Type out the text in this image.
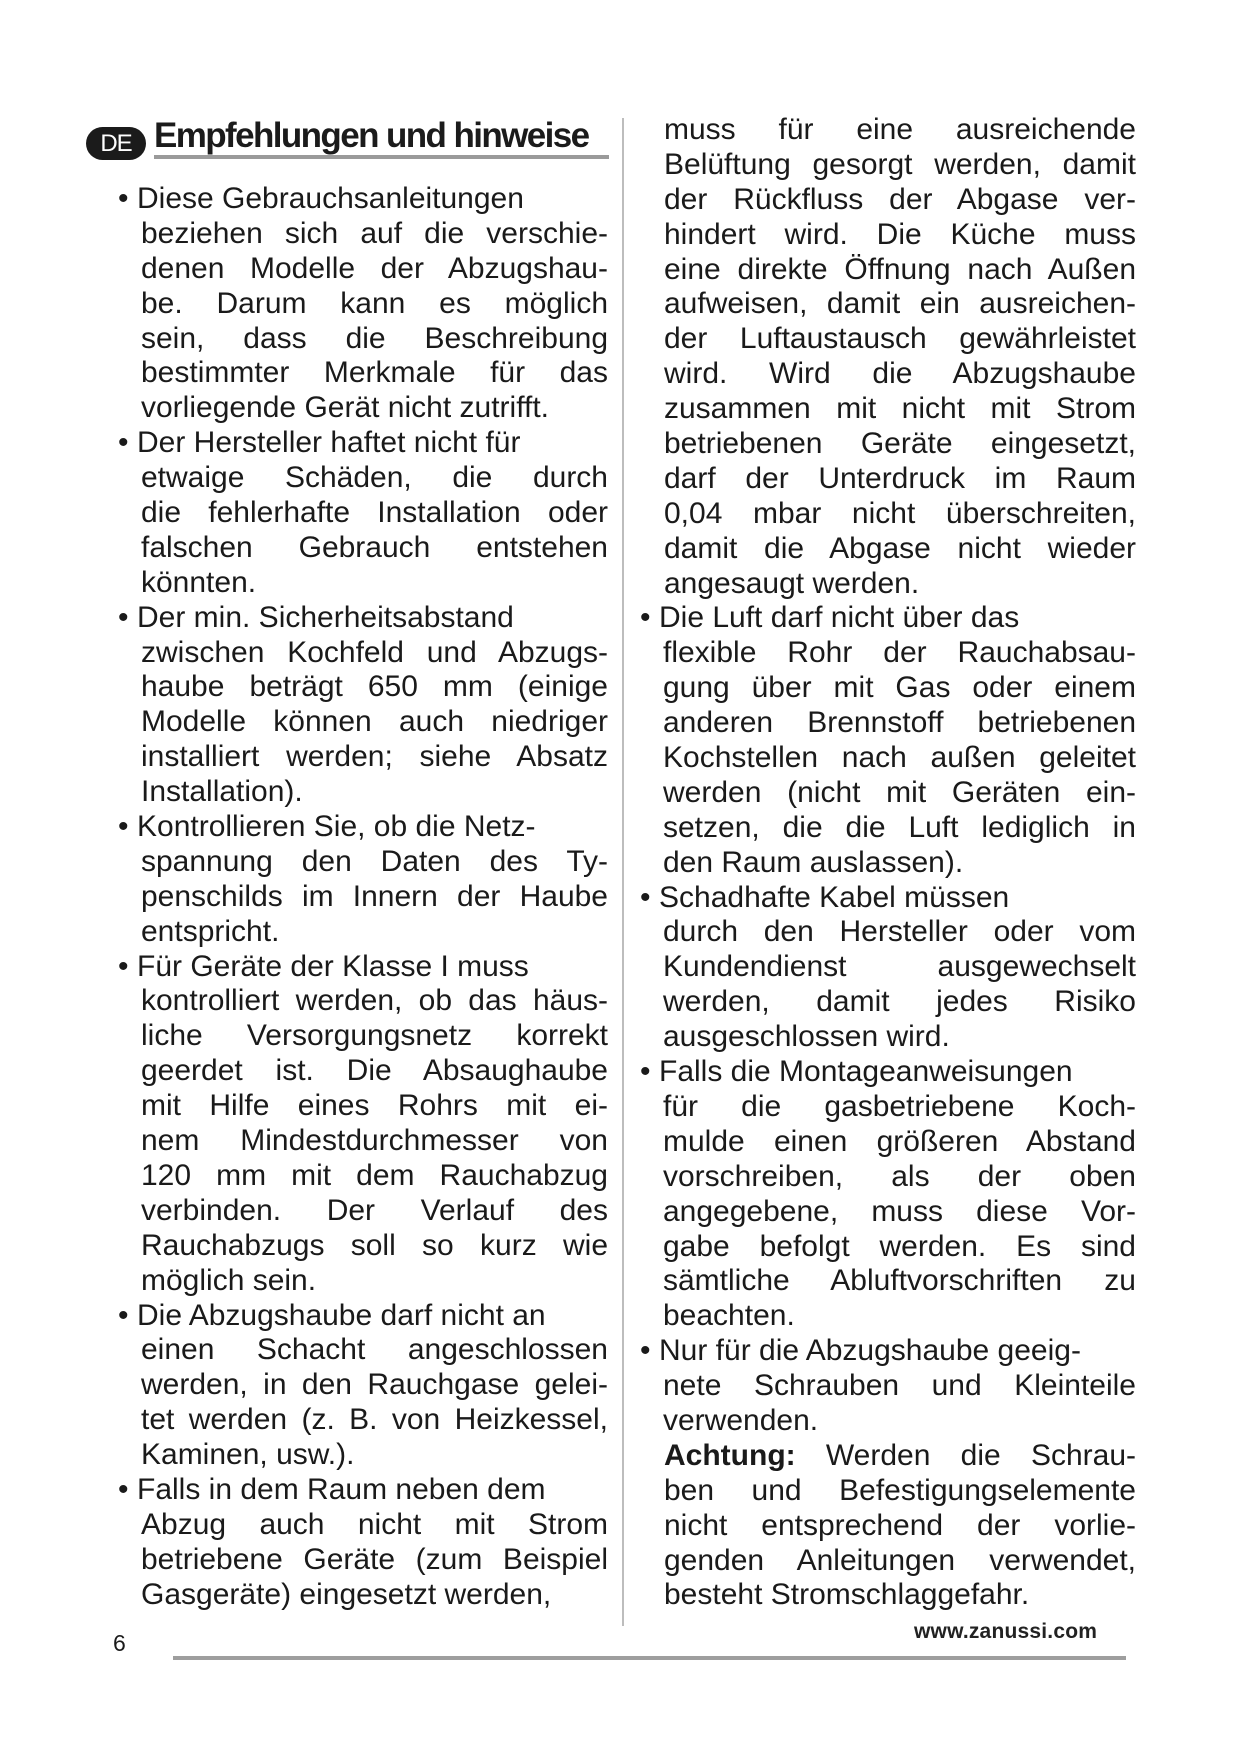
DE Empfehlungen und hinweise
• Diese Gebrauchsanleitungen
beziehen sich auf die verschie-
denen Modelle der Abzugshau-
be. Darum kann es möglich
sein, dass die Beschreibung
bestimmter Merkmale für das
vorliegende Gerät nicht zutrifft.
• Der Hersteller haftet nicht für
etwaige Schäden, die durch
die fehlerhafte Installation oder
falschen Gebrauch entstehen
könnten.
• Der min. Sicherheitsabstand
zwischen Kochfeld und Abzugs-
haube beträgt 650 mm (einige
Modelle können auch niedriger
installiert werden; siehe Absatz
Installation).
• Kontrollieren Sie, ob die Netz-
spannung den Daten des Ty-
penschilds im Innern der Haube
entspricht.
• Für Geräte der Klasse I muss
kontrolliert werden, ob das häus-
liche Versorgungsnetz korrekt
geerdet ist. Die Absaughaube
mit Hilfe eines Rohrs mit ei-
nem Mindestdurchmesser von
120 mm mit dem Rauchabzug
verbinden. Der Verlauf des
Rauchabzugs soll so kurz wie
möglich sein.
• Die Abzugshaube darf nicht an
einen Schacht angeschlossen
werden, in den Rauchgase gelei-
tet werden (z. B. von Heizkessel,
Kaminen, usw.).
• Falls in dem Raum neben dem
Abzug auch nicht mit Strom
betriebene Geräte (zum Beispiel
Gasgeräte) eingesetzt werden,
muss für eine ausreichende
Belüftung gesorgt werden, damit
der Rückfluss der Abgase ver-
hindert wird. Die Küche muss
eine direkte Öffnung nach Außen
aufweisen, damit ein ausreichen-
der Luftaustausch gewährleistet
wird. Wird die Abzugshaube
zusammen mit nicht mit Strom
betriebenen Geräte eingesetzt,
darf der Unterdruck im Raum
0,04 mbar nicht überschreiten,
damit die Abgase nicht wieder
angesaugt werden.
• Die Luft darf nicht über das
flexible Rohr der Rauchabsau-
gung über mit Gas oder einem
anderen Brennstoff betriebenen
Kochstellen nach außen geleitet
werden (nicht mit Geräten ein-
setzen, die die Luft lediglich in
den Raum auslassen).
• Schadhafte Kabel müssen
durch den Hersteller oder vom
Kundendienst ausgewechselt
werden, damit jedes Risiko
ausgeschlossen wird.
• Falls die Montageanweisungen
für die gasbetriebene Koch-
mulde einen größeren Abstand
vorschreiben, als der oben
angegebene, muss diese Vor-
gabe befolgt werden. Es sind
sämtliche Abluftvorschriften zu
beachten.
• Nur für die Abzugshaube geeig-
nete Schrauben und Kleinteile
verwenden.
Achtung: Werden die Schrau-
ben und Befestigungselemente
nicht entsprechend der vorlie-
genden Anleitungen verwendet,
besteht Stromschlaggefahr.
6	www.zanussi.com
